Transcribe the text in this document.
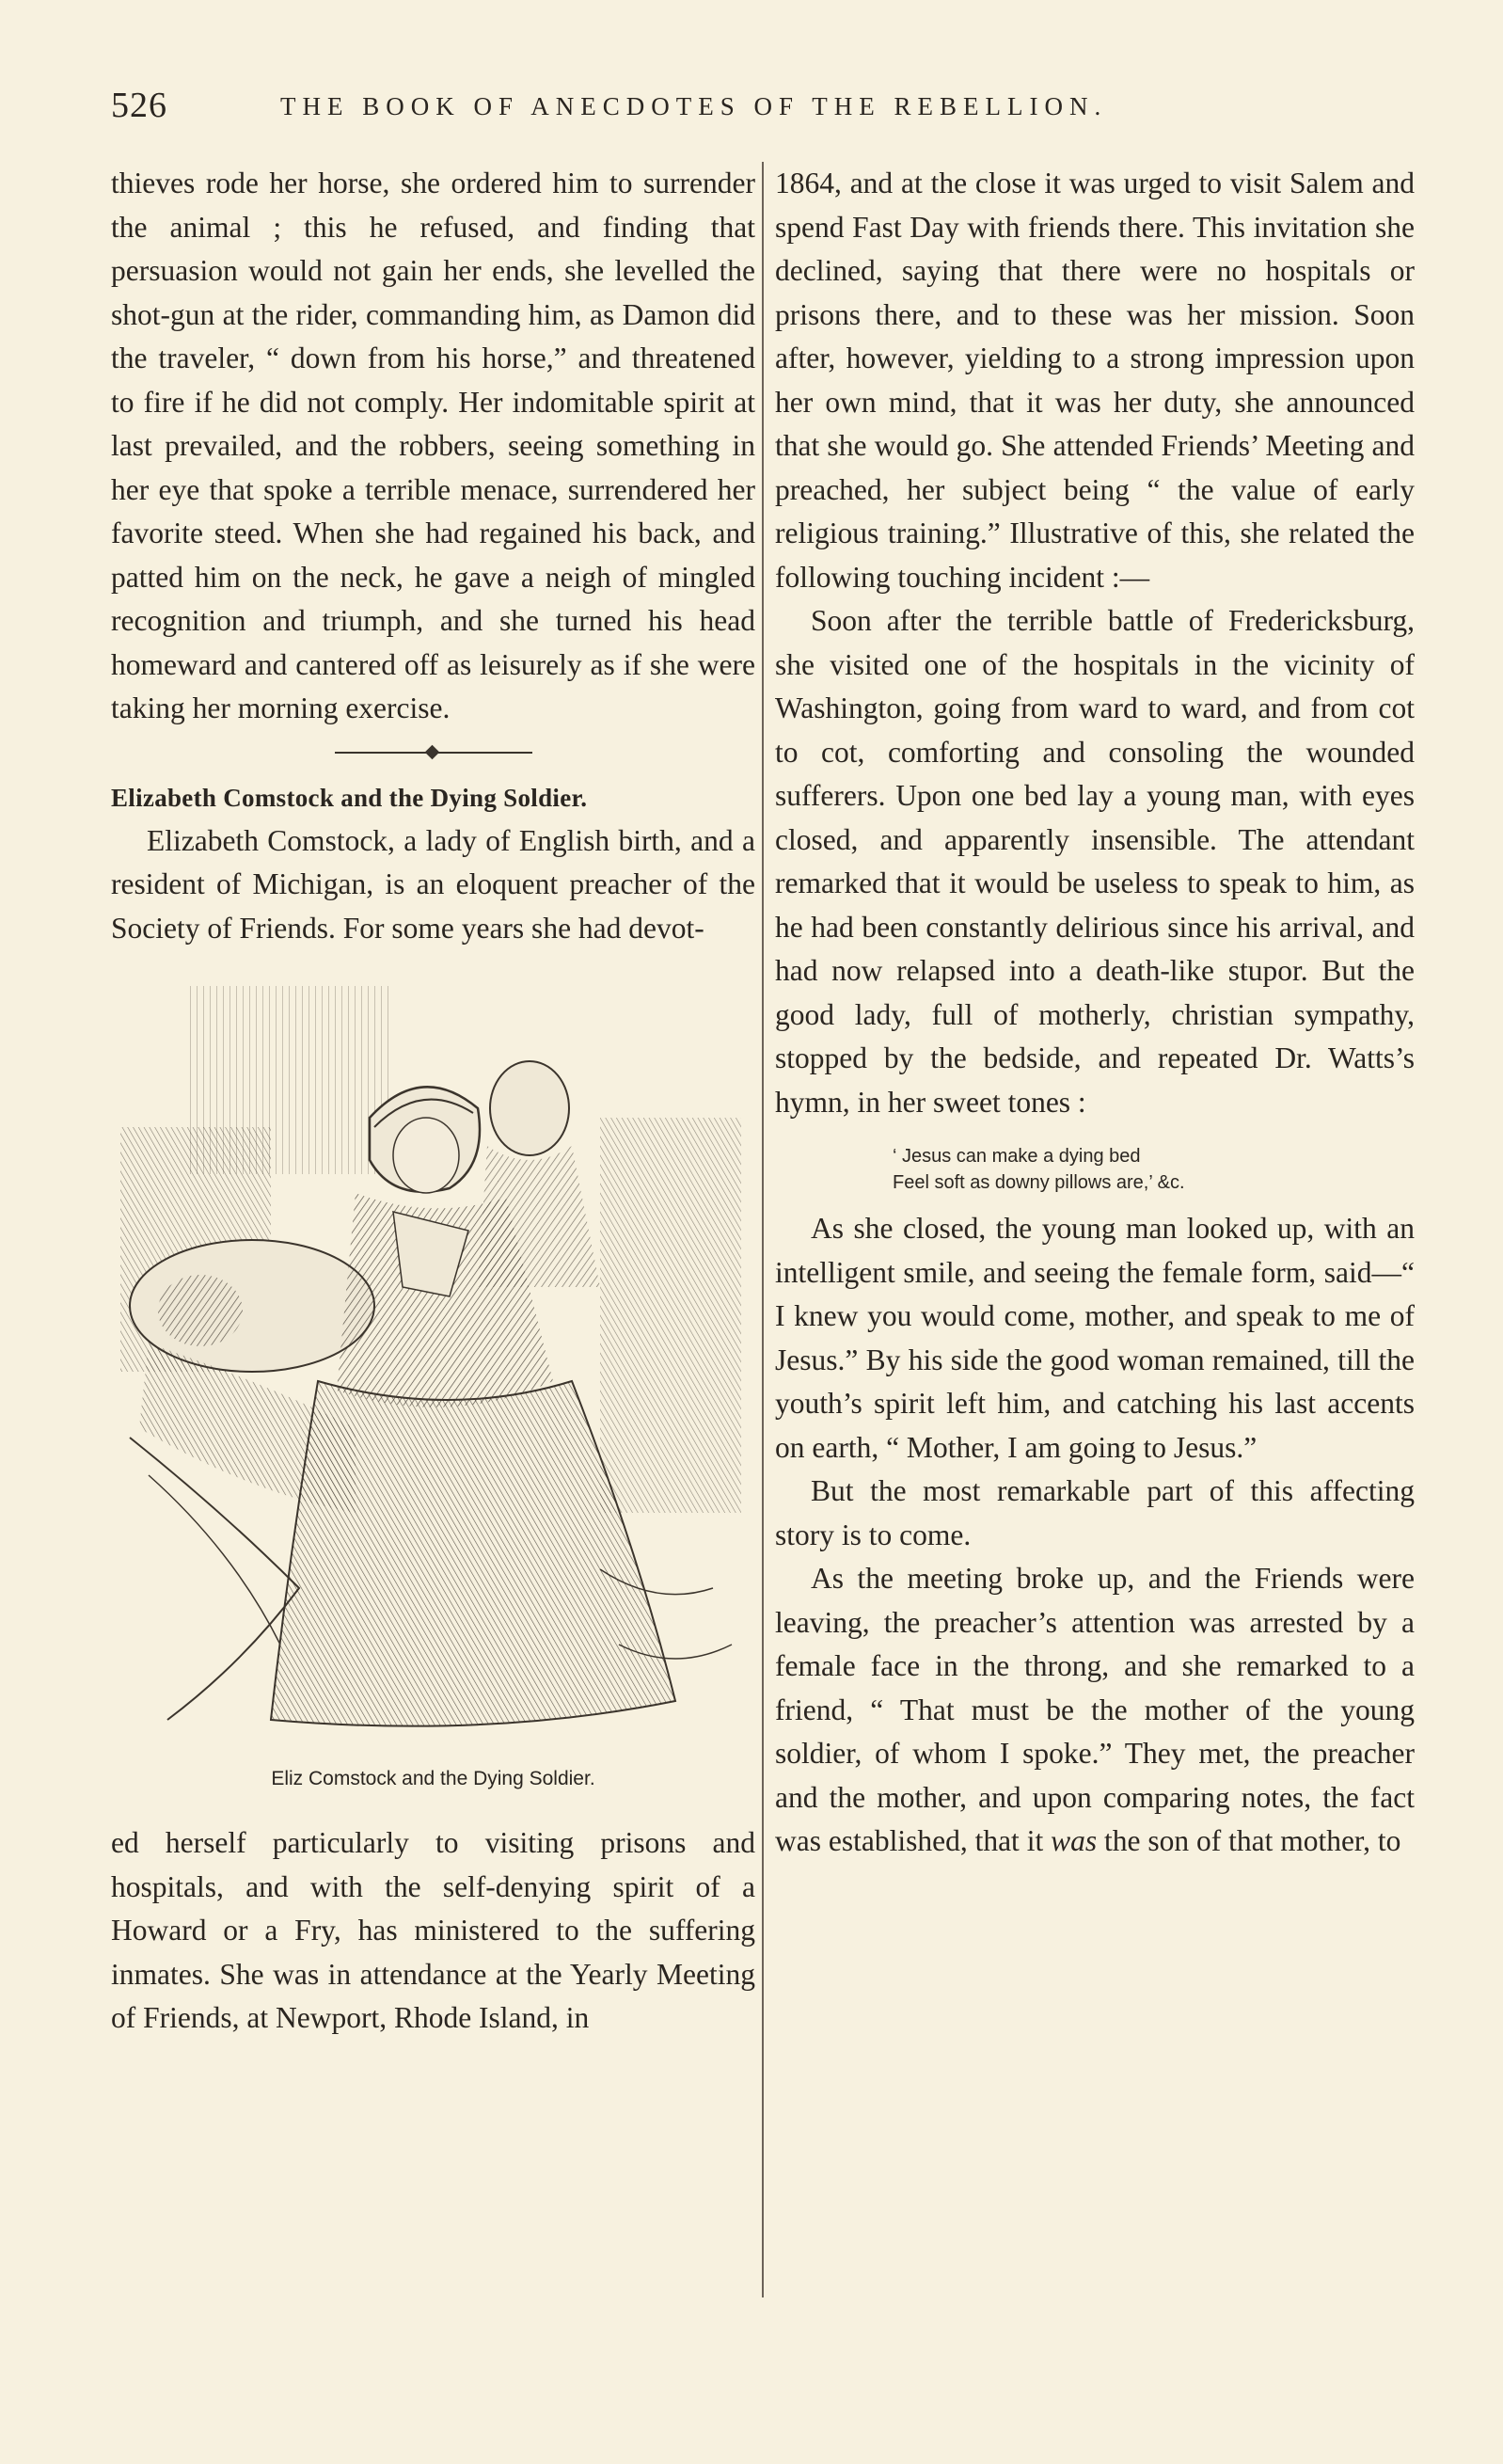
526	THE BOOK OF ANECDOTES OF THE REBELLION.

thieves rode her horse, she ordered him to surrender the animal ; this he refused, and finding that persuasion would not gain her ends, she levelled the shot-gun at the rider, commanding him, as Damon did the traveler, “ down from his horse,” and threatened to fire if he did not comply. Her indomitable spirit at last prevailed, and the robbers, seeing something in her eye that spoke a terrible menace, surrendered her favorite steed. When she had regained his back, and patted him on the neck, he gave a neigh of mingled recognition and triumph, and she turned his head homeward and cantered off as leisurely as if she were taking her morning exercise.

Elizabeth Comstock and the Dying Soldier.

Elizabeth Comstock, a lady of English birth, and a resident of Michigan, is an eloquent preacher of the Society of Friends. For some years she had devot-

Eliz Comstock and the Dying Soldier.

ed herself particularly to visiting prisons and hospitals, and with the self-denying spirit of a Howard or a Fry, has ministered to the suffering inmates. She was in attendance at the Yearly Meeting of Friends, at Newport, Rhode Island, in

1864, and at the close it was urged to visit Salem and spend Fast Day with friends there. This invitation she declined, saying that there were no hospitals or prisons there, and to these was her mission. Soon after, however, yielding to a strong impression upon her own mind, that it was her duty, she announced that she would go. She attended Friends’ Meeting and preached, her subject being “ the value of early religious training.” Illustrative of this, she related the following touching incident :—

Soon after the terrible battle of Fredericksburg, she visited one of the hospitals in the vicinity of Washington, going from ward to ward, and from cot to cot, comforting and consoling the wounded sufferers. Upon one bed lay a young man, with eyes closed, and apparently insensible. The attendant remarked that it would be useless to speak to him, as he had been constantly delirious since his arrival, and had now relapsed into a death-like stupor. But the good lady, full of motherly, christian sympathy, stopped by the bedside, and repeated Dr. Watts’s hymn, in her sweet tones :

‘ Jesus can make a dying bed
Feel soft as downy pillows are,’ &c.

As she closed, the young man looked up, with an intelligent smile, and seeing the female form, said—“ I knew you would come, mother, and speak to me of Jesus.” By his side the good woman remained, till the youth’s spirit left him, and catching his last accents on earth, “ Mother, I am going to Jesus.”

But the most remarkable part of this affecting story is to come.

As the meeting broke up, and the Friends were leaving, the preacher’s attention was arrested by a female face in the throng, and she remarked to a friend, “ That must be the mother of the young soldier, of whom I spoke.” They met, the preacher and the mother, and upon comparing notes, the fact was established, that it was the son of that mother, to
